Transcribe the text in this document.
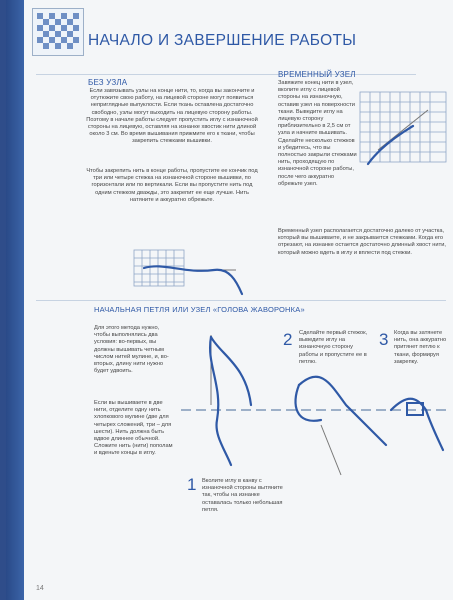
НАЧАЛО И ЗАВЕРШЕНИЕ РАБОТЫ
БЕЗ УЗЛА
Если завязывать узлы на конце нити, то, когда вы закончите и отутюжите свою работу, на лицевой стороне могут появиться неприглядные выпуклости. Если ткань оставлена достаточно свободно, узлы могут выходить на лицевую сторону работы. Поэтому в начале работы следует пропустить иглу с изнаночной стороны на лицевую, оставляя на изнанке хвостик нити длиной около 3 см. Во время вышивания прижмите его к ткани, чтобы закрепить стежками вышивки.
Чтобы закрепить нить в конце работы, пропустите ее кончик под три или четыре стежка на изнаночной стороне вышивки, по горизонтали или по вертикали. Если вы пропустите нить под одним стежком дважды, это закрепит ее еще лучше. Нить натяните и аккуратно обрежьте.
ВРЕМЕННЫЙ УЗЕЛ
Завяжите конец нити в узел, вколите иглу с лицевой стороны на изнаночную, оставив узел на поверхности ткани. Выведите иглу на лицевую сторону приблизительно в 2,5 см от узла и начните вышивать. Сделайте несколько стежков и убедитесь, что вы полностью закрыли стежками нить, проходящую по изнаночной стороне работы, после чего аккуратно обрежьте узел.
Временный узел располагается достаточно далеко от участка, который вы вышиваете, и не закрывается стежками. Когда его отрезают, на изнанке остается достаточно длинный хвост нити, который можно вдеть в иглу и вплести под стежки.
НАЧАЛЬНАЯ ПЕТЛЯ ИЛИ УЗЕЛ «ГОЛОВА ЖАВОРОНКА»
Для этого метода нужно, чтобы выполнялись два условия: во-первых, вы должны вышивать четным числом нитей мулине, и, во-вторых, длину нити нужно будет удвоить.
Если вы вышиваете в две нити, отделите одну нить хлопкового мулине (две для четырех сложений, три – для шести). Нить должна быть вдвое длиннее обычной. Сложите нить (нити) пополам и вденьте концы в иглу.
2 Сделайте первый стежок, выведите иглу на изнаночную сторону работы и пропустите ее в петлю.
3 Когда вы затянете нить, она аккуратно притянет петлю к ткани, формируя закрепку.
1 Вколите иглу в канву с изнаночной стороны вытяните так, чтобы на изнанке оставалась только небольшая петля.
14
